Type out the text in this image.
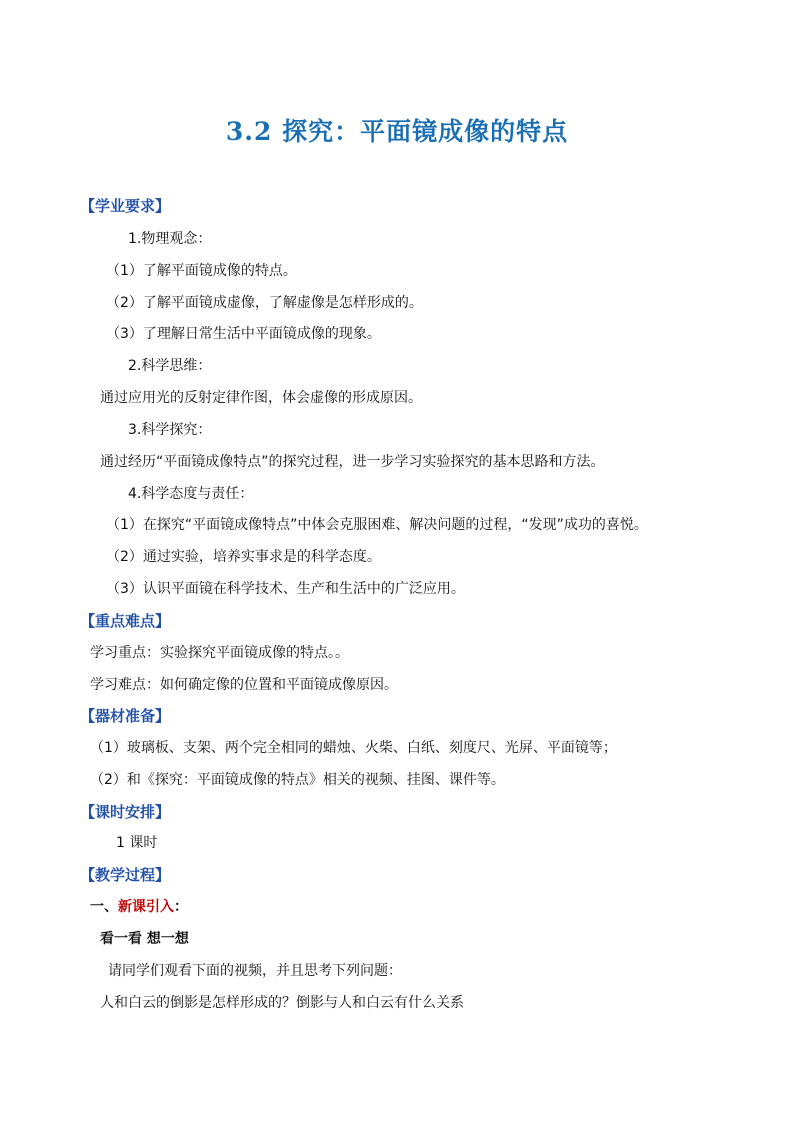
3.2 探究：平面镜成像的特点
【学业要求】
1.物理观念：
（1）了解平面镜成像的特点。
（2）了解平面镜成虚像，了解虚像是怎样形成的。
（3）了理解日常生活中平面镜成像的现象。
2.科学思维：
通过应用光的反射定律作图，体会虚像的形成原因。
3.科学探究：
通过经历“平面镜成像特点”的探究过程，进一步学习实验探究的基本思路和方法。
4.科学态度与责任：
（1）在探究“平面镜成像特点”中体会克服困难、解决问题的过程，“发现”成功的喜悦。
（2）通过实验，培养实事求是的科学态度。
（3）认识平面镜在科学技术、生产和生活中的广泛应用。
【重点难点】
学习重点：实验探究平面镜成像的特点。。
学习难点：如何确定像的位置和平面镜成像原因。
【器材准备】
（1）玻璃板、支架、两个完全相同的蜡烛、火柴、白纸、刻度尺、光屏、平面镜等；
（2）和《探究：平面镜成像的特点》相关的视频、挂图、课件等。
【课时安排】
1 课时
【教学过程】
一、新课引入：
看一看 想一想
请同学们观看下面的视频，并且思考下列问题：
人和白云的倒影是怎样形成的？倒影与人和白云有什么关系
